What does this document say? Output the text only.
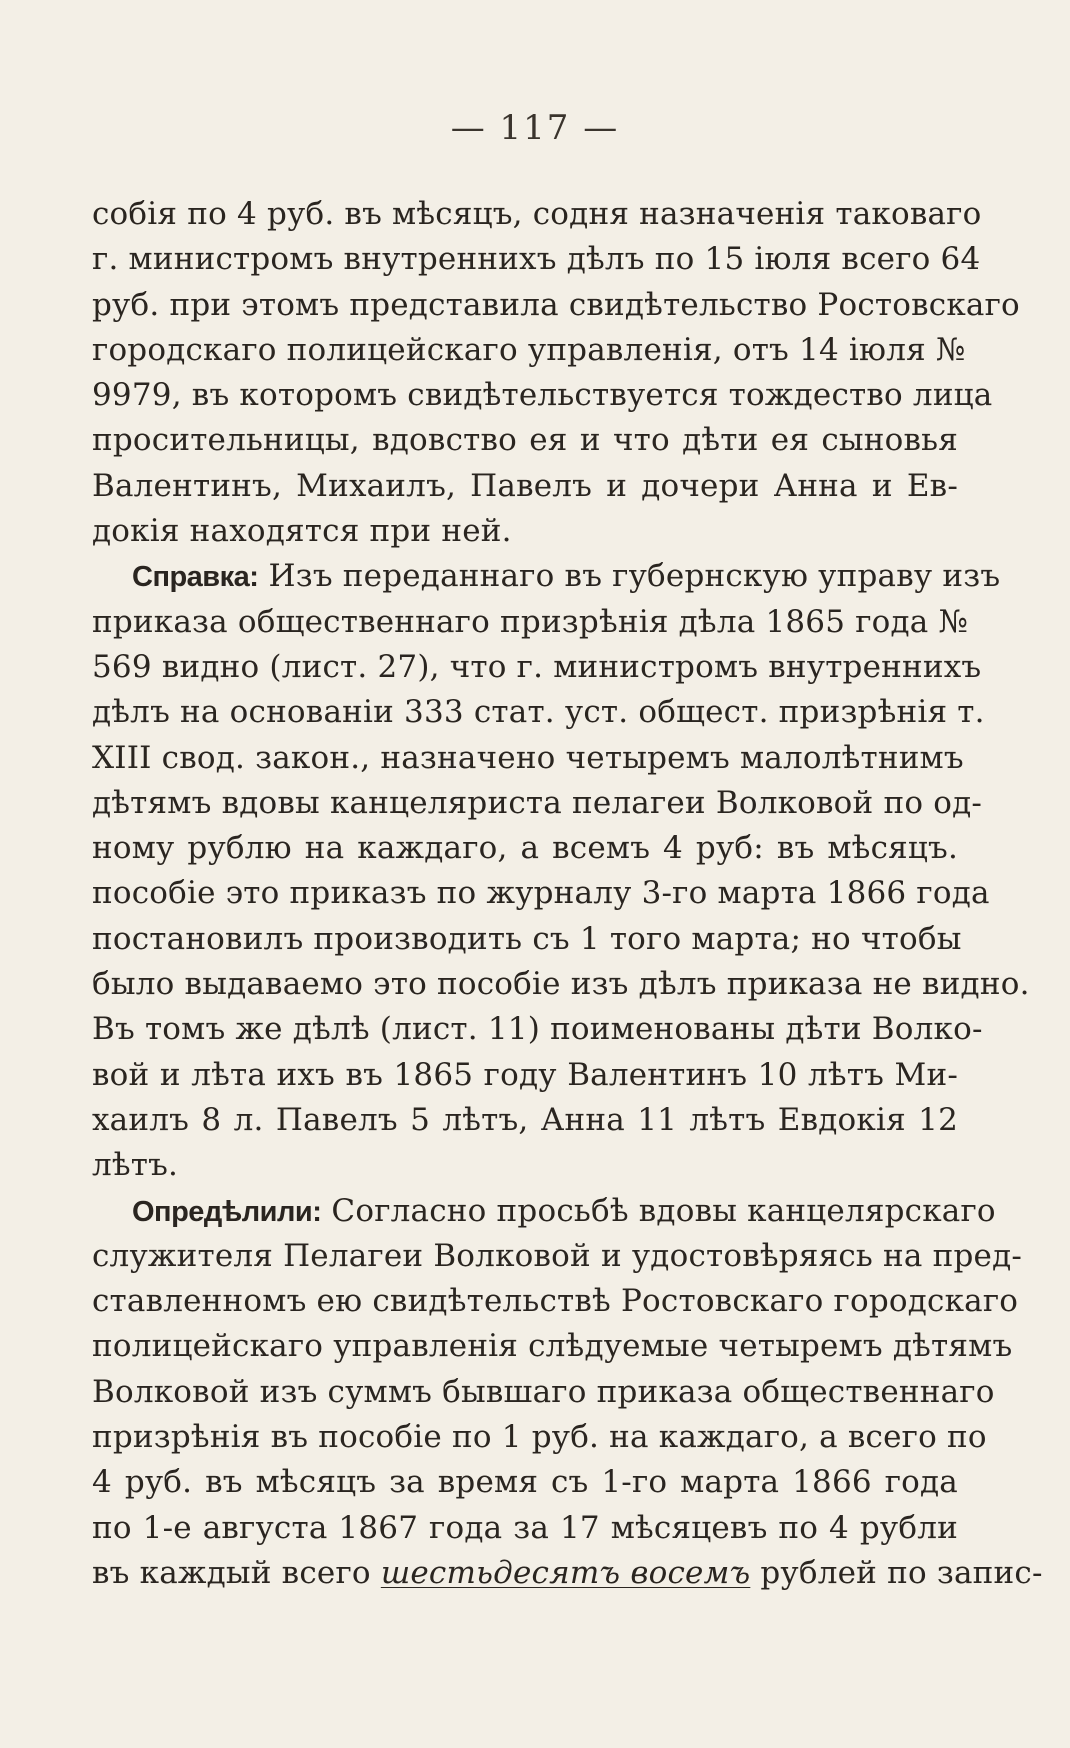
— 117 —
собія по 4 руб. въ мѣсяцъ, содня назначенія таковаго
г. министромъ внутреннихъ дѣлъ по 15 іюля всего 64
руб. при этомъ представила свидѣтельство Ростовскаго
городскаго полицейскаго управленія, отъ 14 іюля №
9979, въ которомъ свидѣтельствуется тождество лица
просительницы, вдовство ея и что дѣти ея сыновья
Валентинъ, Михаилъ, Павелъ и дочери Анна и Ев-
докія находятся при ней.
Справка: Изъ переданнаго въ губернскую управу изъ
приказа общественнаго призрѣнія дѣла 1865 года №
569 видно (лист. 27), что г. министромъ внутреннихъ
дѣлъ на основаніи 333 стат. уст. общест. призрѣнія т.
XIII свод. закон., назначено четыремъ малолѣтнимъ
дѣтямъ вдовы канцеляриста пелагеи Волковой по од-
ному рублю на каждаго, а всемъ 4 руб: въ мѣсяцъ.
пособіе это приказъ по журналу 3-го марта 1866 года
постановилъ производить съ 1 того марта; но чтобы
было выдаваемо это пособіе изъ дѣлъ приказа не видно.
Въ томъ же дѣлѣ (лист. 11) поименованы дѣти Волко-
вой и лѣта ихъ въ 1865 году Валентинъ 10 лѣтъ Ми-
хаилъ 8 л. Павелъ 5 лѣтъ, Анна 11 лѣтъ Евдокія 12
лѣтъ.
Опредѣлили: Согласно просьбѣ вдовы канцелярскаго
служителя Пелагеи Волковой и удостовѣряясь на пред-
ставленномъ ею свидѣтельствѣ Ростовскаго городскаго
полицейскаго управленія слѣдуемые четыремъ дѣтямъ
Волковой изъ суммъ бывшаго приказа общественнаго
призрѣнія въ пособіе по 1 руб. на каждаго, а всего по
4 руб. въ мѣсяцъ за время съ 1-го марта 1866 года
по 1-е августа 1867 года за 17 мѣсяцевъ по 4 рубли
въ каждый всего шестьдесятъ восемъ рублей по запис-
